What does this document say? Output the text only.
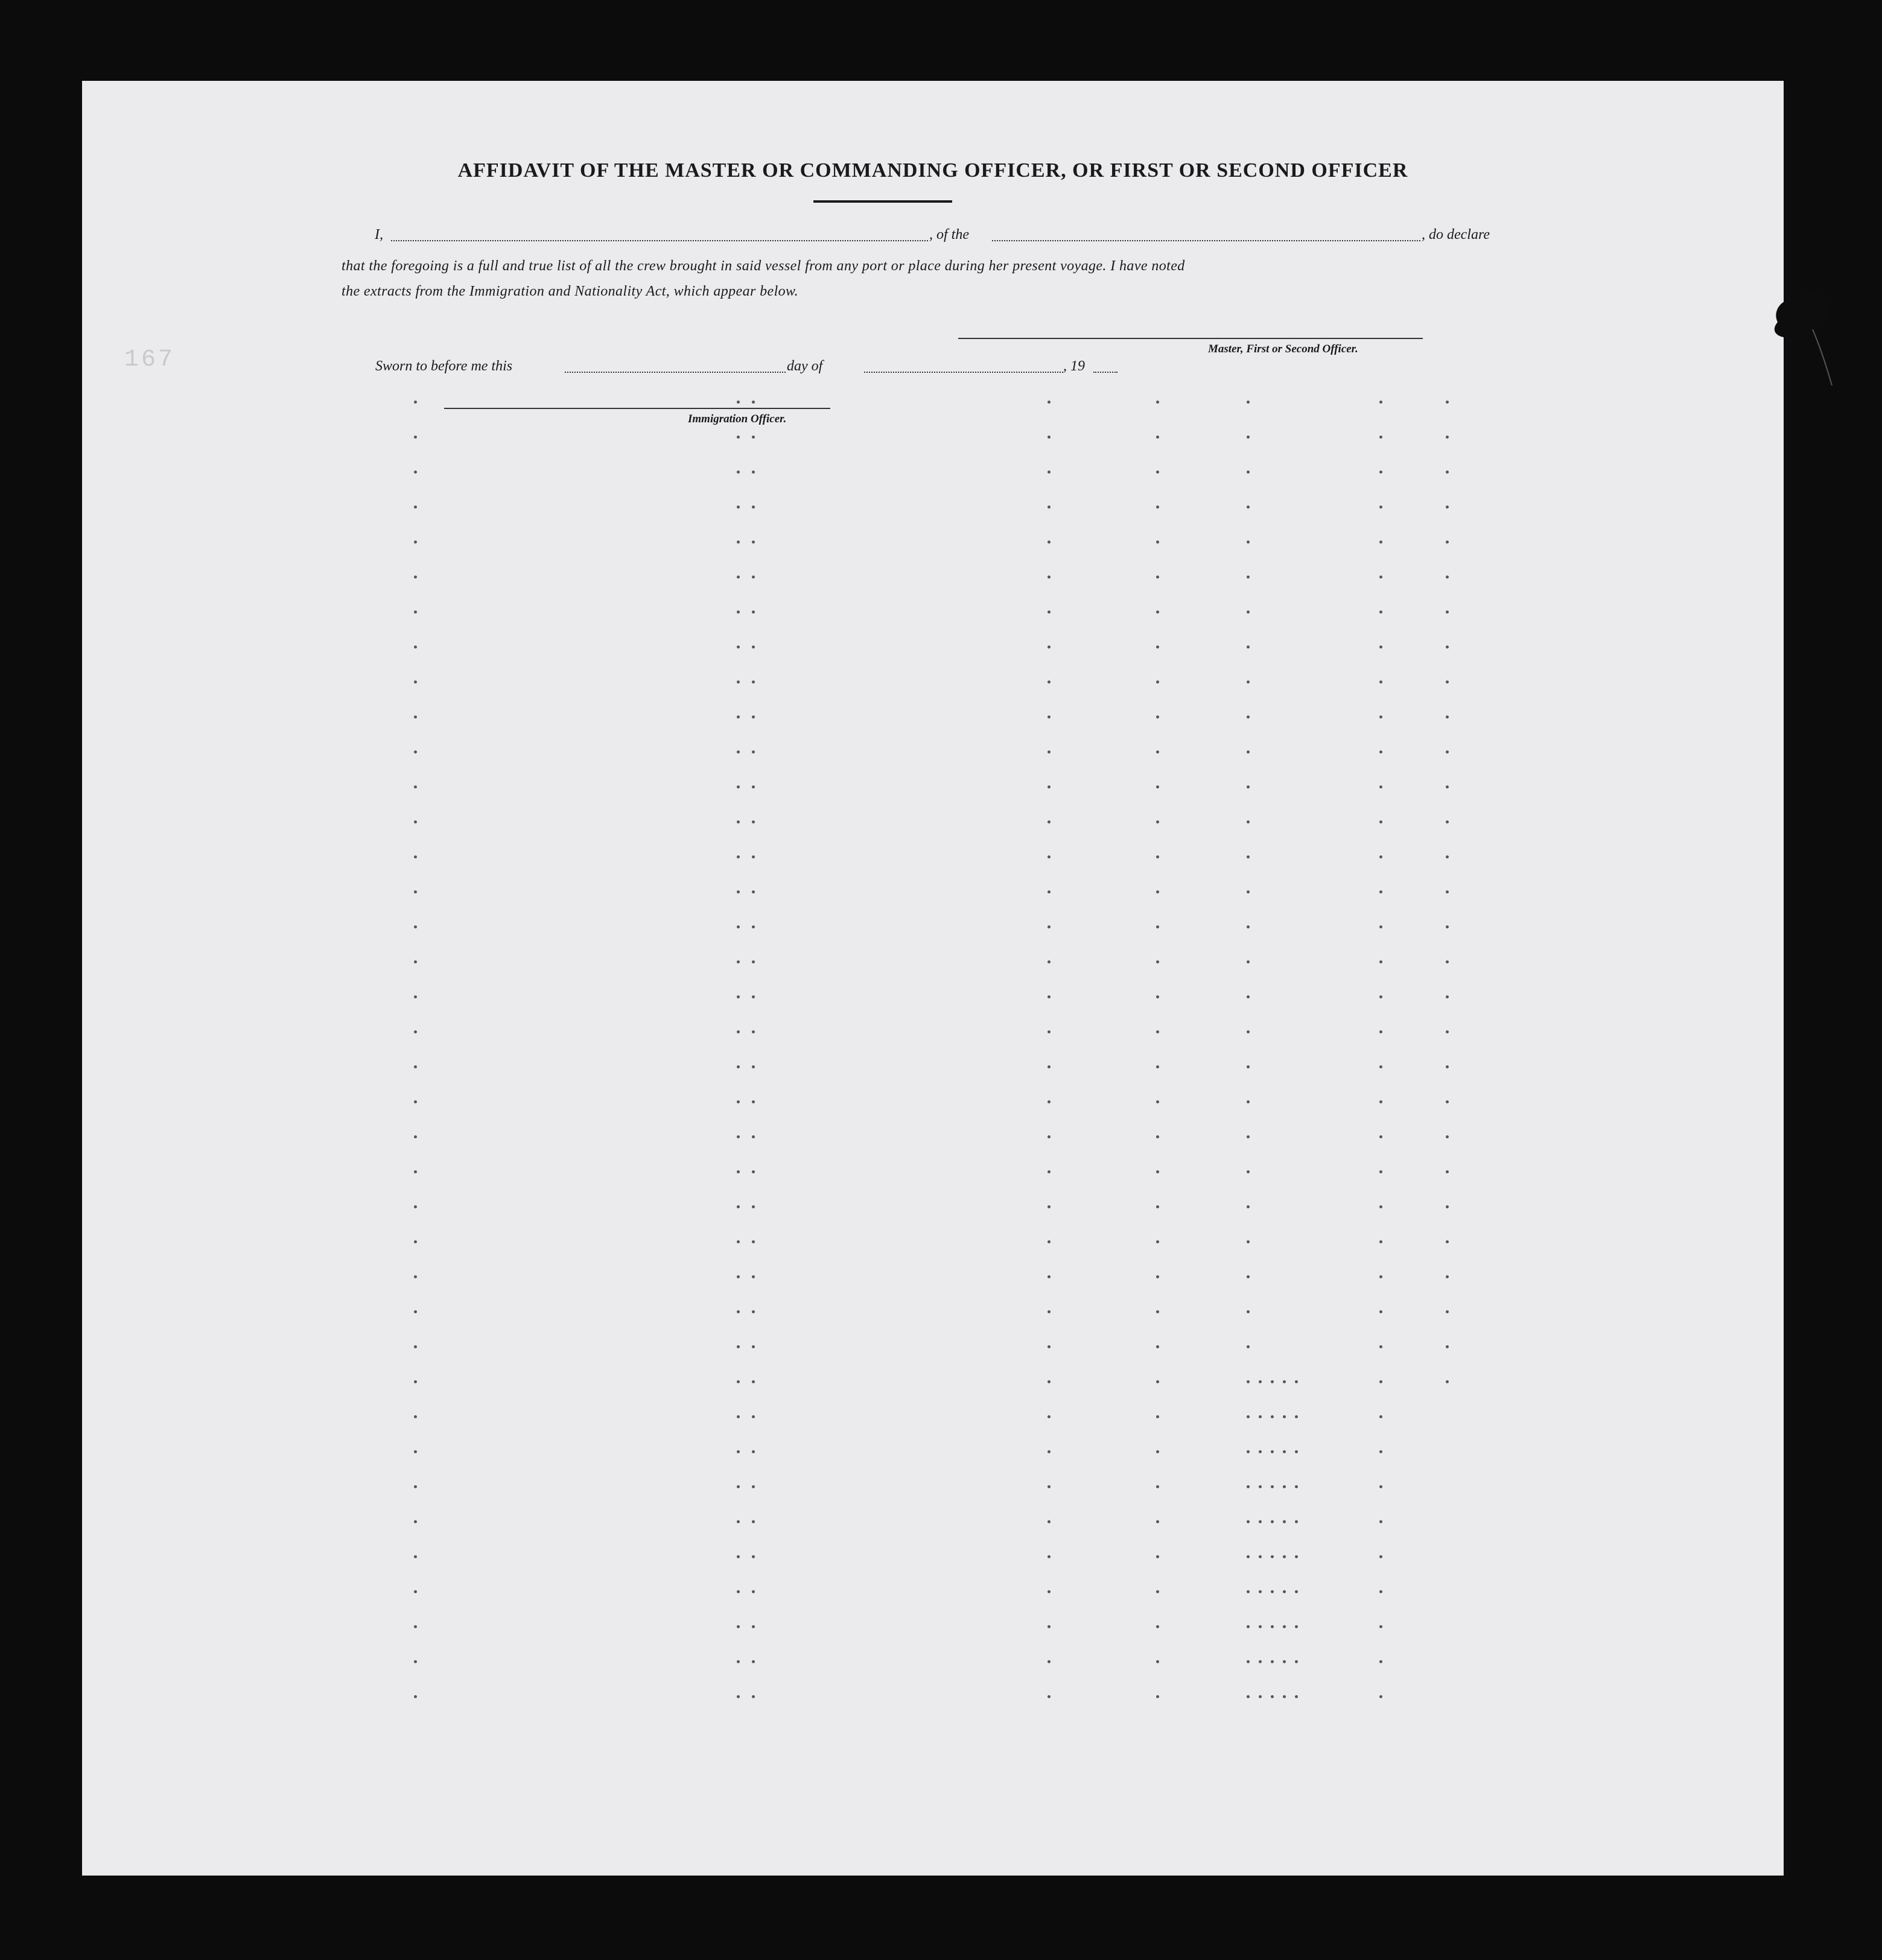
AFFIDAVIT OF THE MASTER OR COMMANDING OFFICER, OR FIRST OR SECOND OFFICER
I,	, of the	, do declare
that the foregoing is a full and true list of all the crew brought in said vessel from any port or place during her present voyage. I have noted
the extracts from the Immigration and Nationality Act, which appear below.
Master, First or Second Officer.
Sworn to before me this	day of	, 19
Immigration Officer.
167
